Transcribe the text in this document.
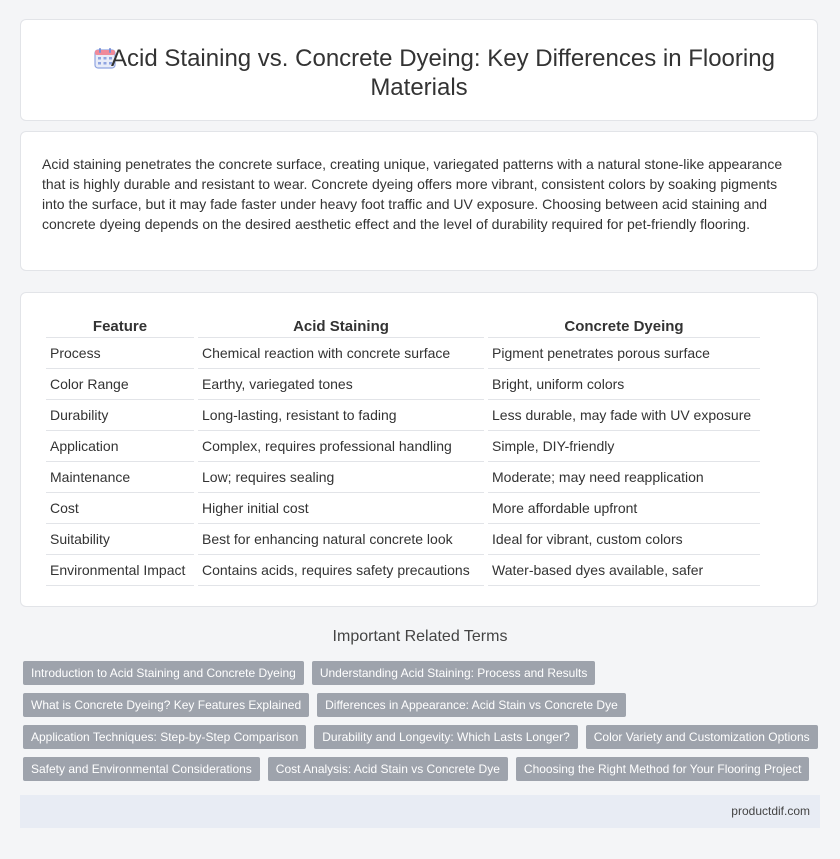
Acid Staining vs. Concrete Dyeing: Key Differences in Flooring
Materials

Acid staining penetrates the concrete surface, creating unique, variegated patterns with a natural stone-like appearance that is highly durable and resistant to wear. Concrete dyeing offers more vibrant, consistent colors by soaking pigments into the surface, but it may fade faster under heavy foot traffic and UV exposure. Choosing between acid staining and concrete dyeing depends on the desired aesthetic effect and the level of durability required for pet-friendly flooring.

Feature	Acid Staining	Concrete Dyeing
Process	Chemical reaction with concrete surface	Pigment penetrates porous surface
Color Range	Earthy, variegated tones	Bright, uniform colors
Durability	Long-lasting, resistant to fading	Less durable, may fade with UV exposure
Application	Complex, requires professional handling	Simple, DIY-friendly
Maintenance	Low; requires sealing	Moderate; may need reapplication
Cost	Higher initial cost	More affordable upfront
Suitability	Best for enhancing natural concrete look	Ideal for vibrant, custom colors
Environmental Impact	Contains acids, requires safety precautions	Water-based dyes available, safer
Important Related Terms
Introduction to Acid Staining and Concrete Dyeing	Understanding Acid Staining: Process and Results
What is Concrete Dyeing? Key Features Explained	Differences in Appearance: Acid Stain vs Concrete Dye
Application Techniques: Step-by-Step Comparison	Durability and Longevity: Which Lasts Longer?	Color Variety and Customization Options
Safety and Environmental Considerations	Cost Analysis: Acid Stain vs Concrete Dye	Choosing the Right Method for Your Flooring Project
productdif.com
